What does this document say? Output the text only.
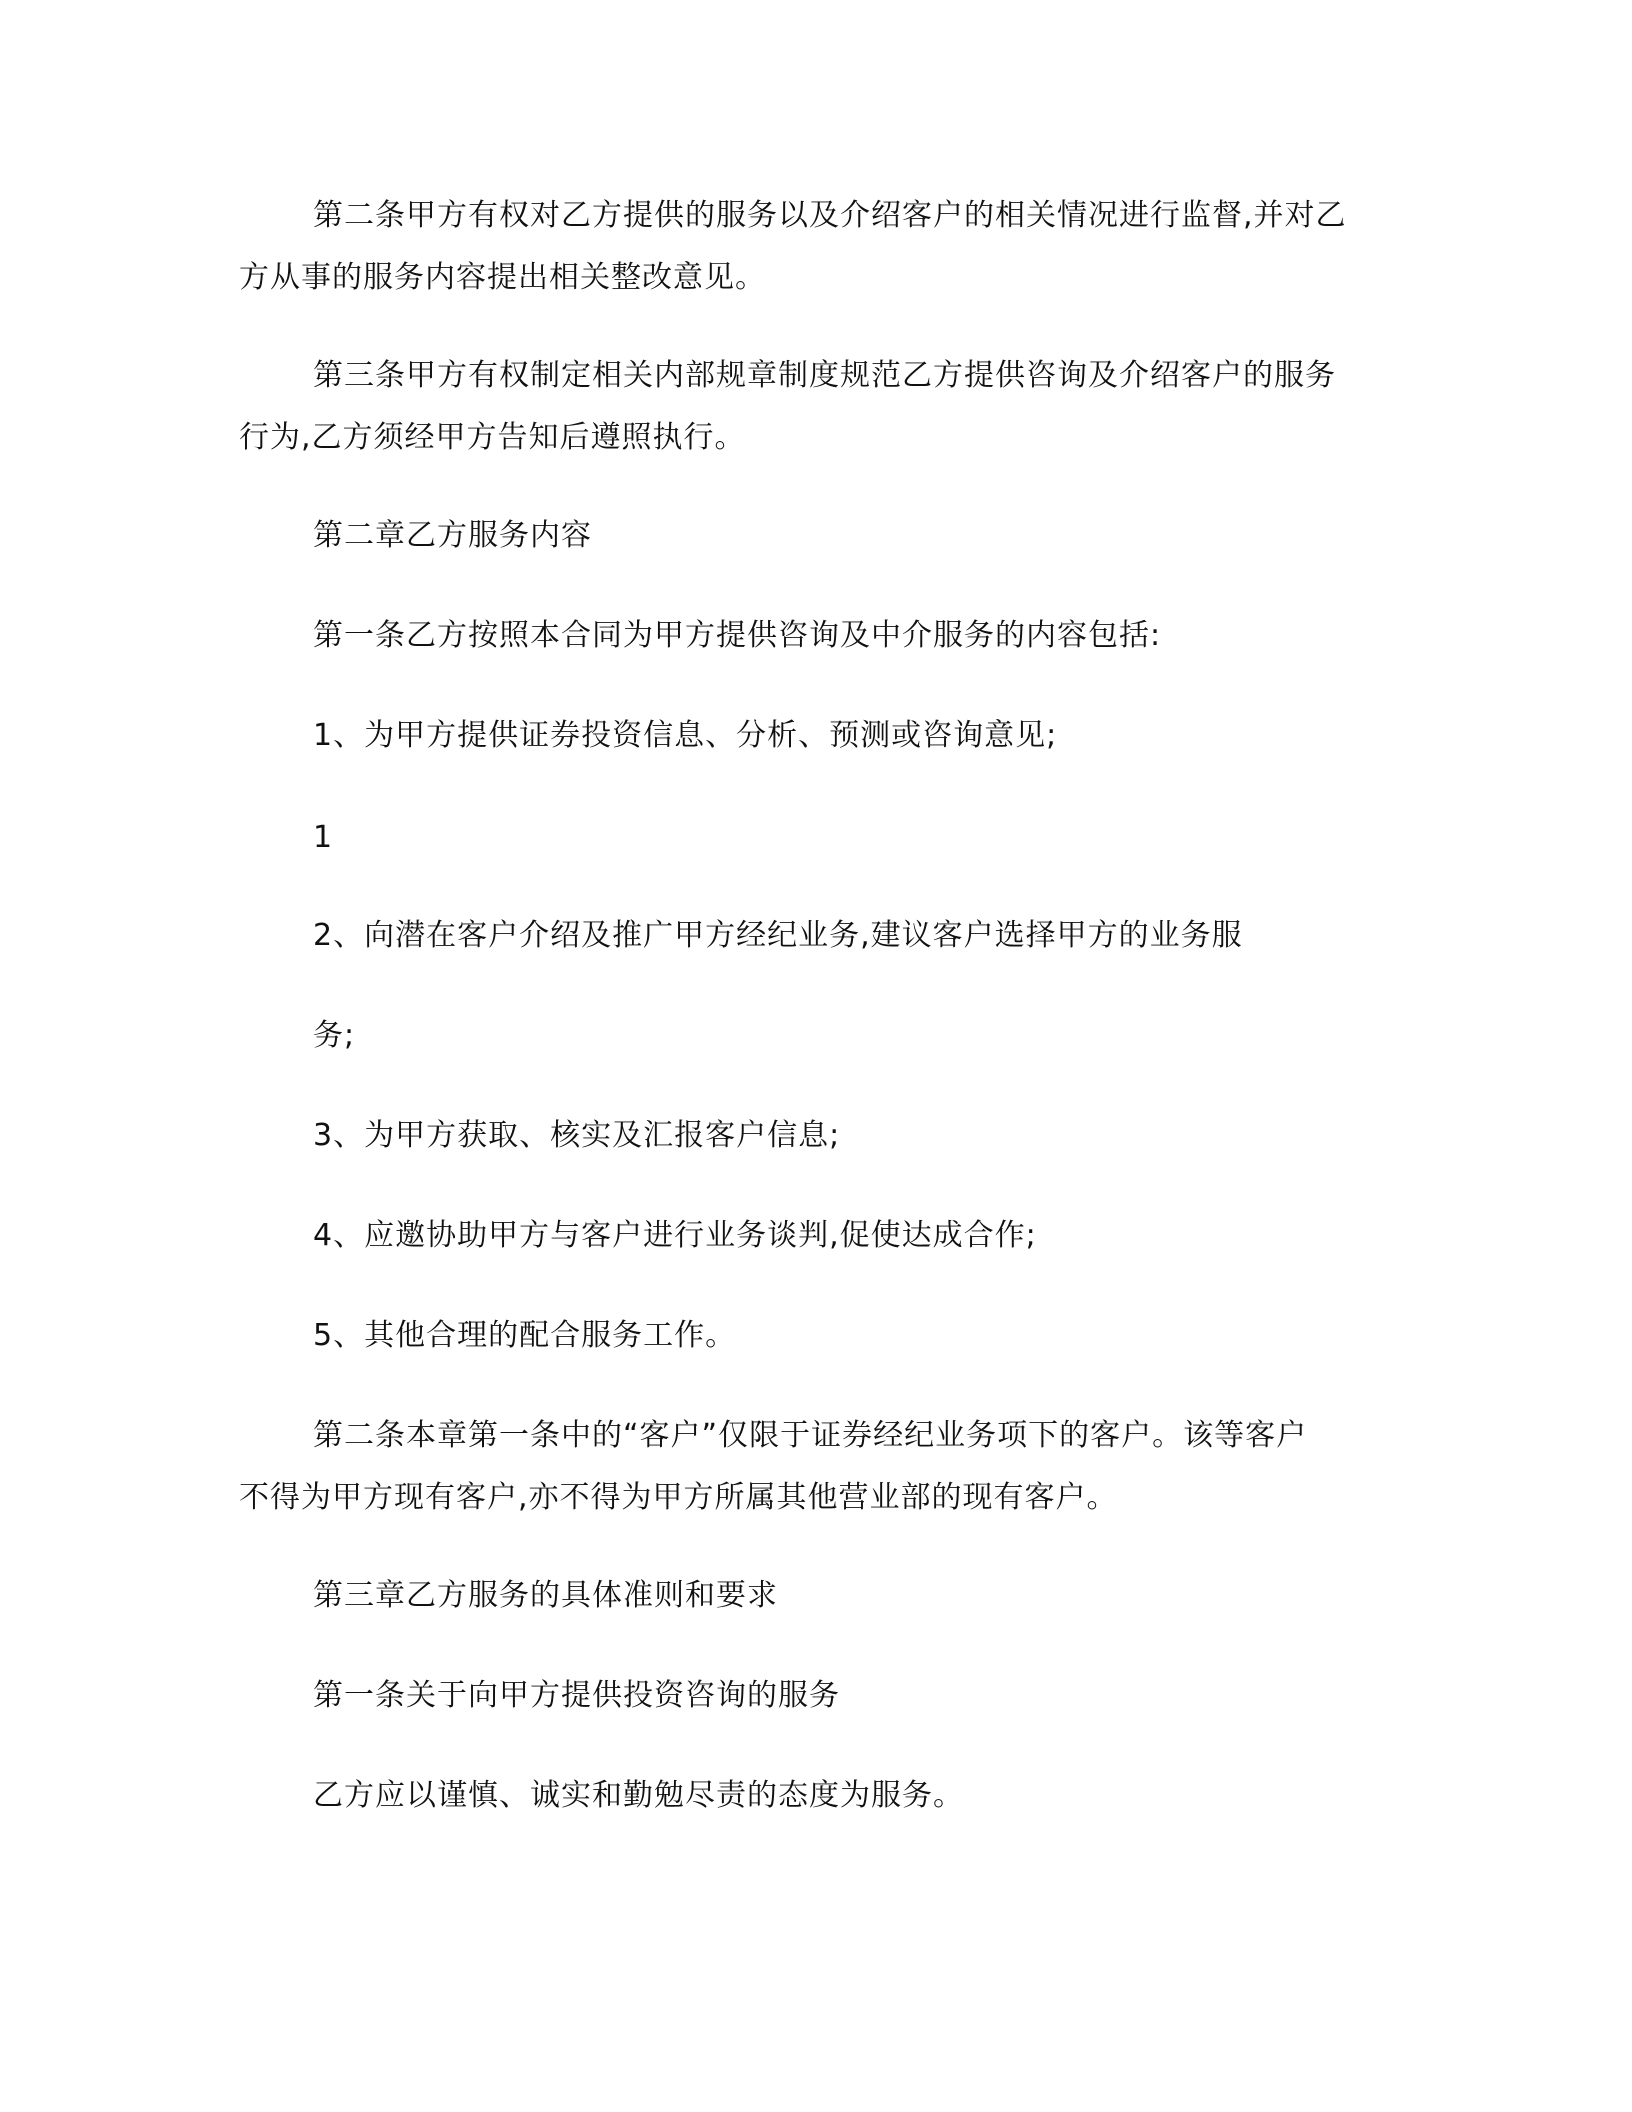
第二条甲方有权对乙方提供的服务以及介绍客户的相关情况进行监督,并对乙
方从事的服务内容提出相关整改意见。
第三条甲方有权制定相关内部规章制度规范乙方提供咨询及介绍客户的服务
行为,乙方须经甲方告知后遵照执行。
第二章乙方服务内容
第一条乙方按照本合同为甲方提供咨询及中介服务的内容包括:
1、为甲方提供证券投资信息、分析、预测或咨询意见;
1
2、向潜在客户介绍及推广甲方经纪业务,建议客户选择甲方的业务服
务;
3、为甲方获取、核实及汇报客户信息;
4、应邀协助甲方与客户进行业务谈判,促使达成合作;
5、其他合理的配合服务工作。
第二条本章第一条中的“客户”仅限于证券经纪业务项下的客户。该等客户
不得为甲方现有客户,亦不得为甲方所属其他营业部的现有客户。
第三章乙方服务的具体准则和要求
第一条关于向甲方提供投资咨询的服务
乙方应以谨慎、诚实和勤勉尽责的态度为服务。
